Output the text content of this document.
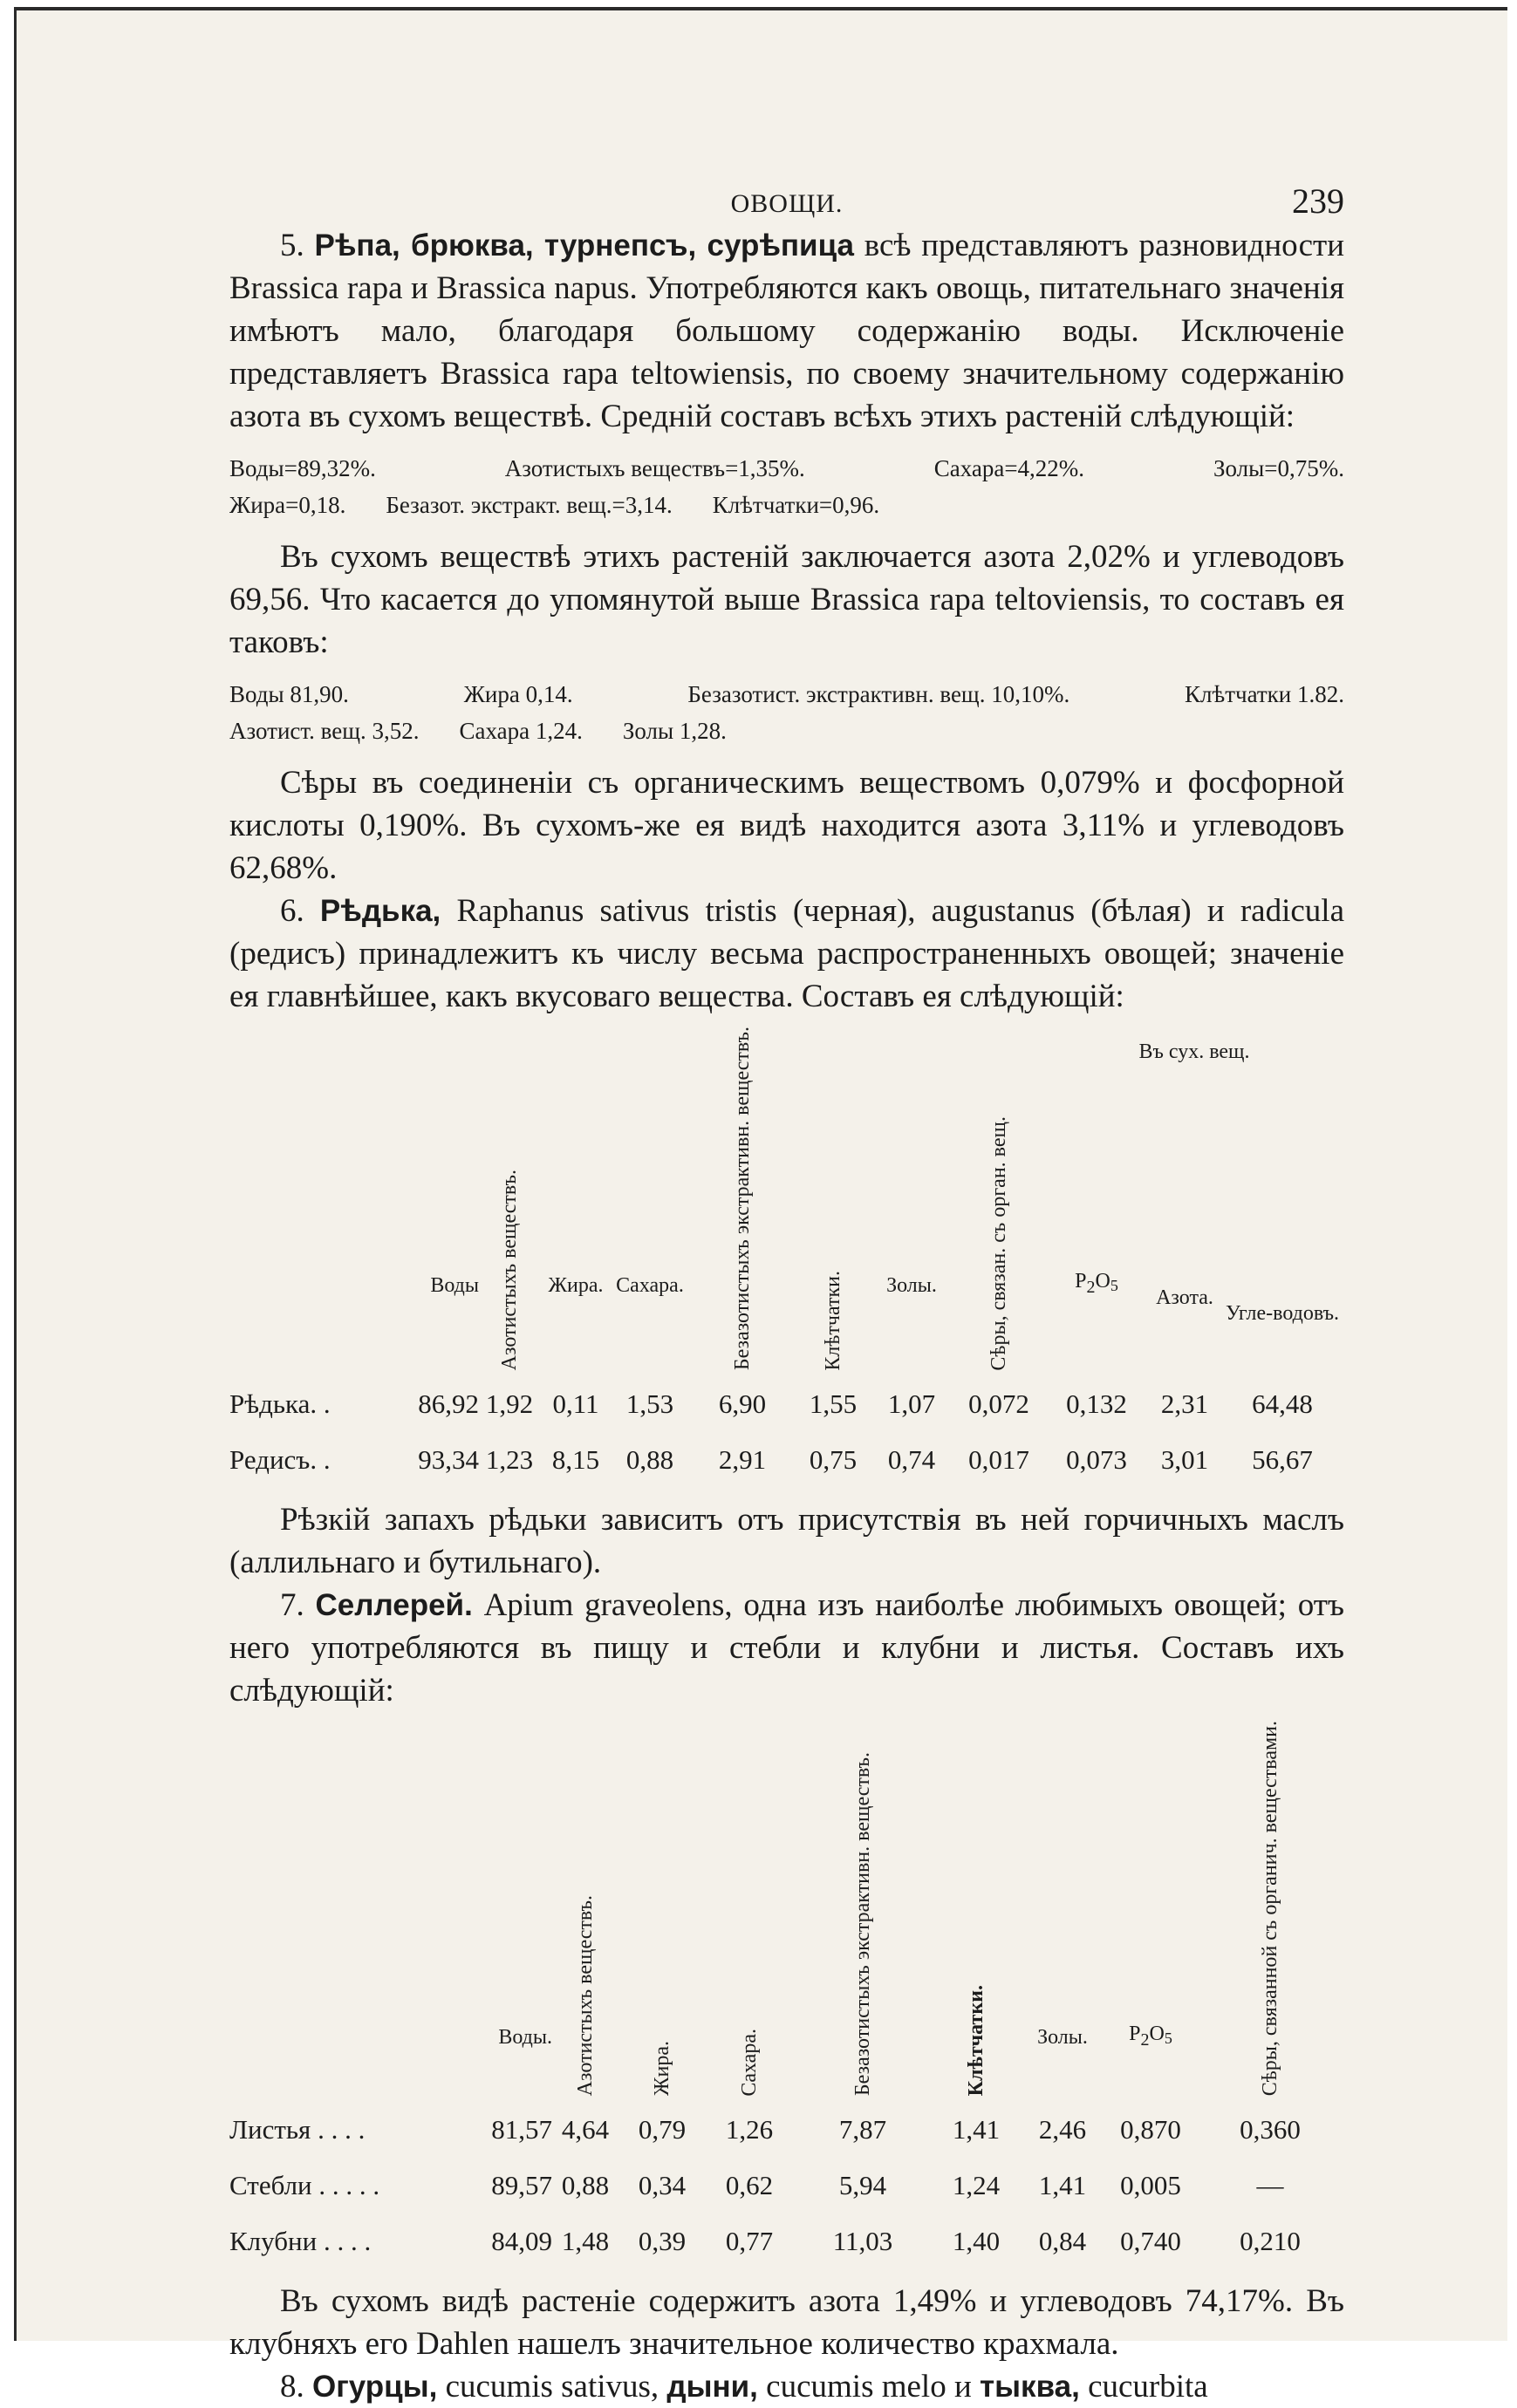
ОВОЩИ.	239

5. Рѣпа, брюква, турнепсъ, сурѣпица всѣ представляютъ разновидности Brassica rapa и Brassica napus. Употребляются какъ овощь, питательнаго значенія имѣютъ мало, благодаря большому содержанію воды. Исключеніе представляетъ Brassica rapa teltowiensis, по своему значительному содержанію азота въ сухомъ веществѣ. Средній составъ всѣхъ этихъ растеній слѣдующій:

Воды=89,32%.	Азотистыхъ веществъ=1,35%.	Сахара=4,22%.	Золы=0,75%.
Жира=0,18. Безазот. экстракт. вещ.=3,14. Клѣтчатки=0,96.

Въ сухомъ веществѣ этихъ растеній заключается азота 2,02% и углеводовъ 69,56. Что касается до упомянутой выше Brassica rapa teltoviensis, то составъ ея таковъ:

Воды 81,90.	Жира 0,14.	Безазотист. экстрактивн. вещ. 10,10%.	Клѣтчатки 1.82.
Азотист. вещ. 3,52. Сахара 1,24. Золы 1,28.

Сѣры въ соединеніи съ органическимъ веществомъ 0,079% и фосфорной кислоты 0,190%. Въ сухомъ-же ея видѣ находится азота 3,11% и углеводовъ 62,68%.

6. Рѣдька, Raphanus sativus tristis (черная), augustanus (бѣлая) и radicula (редисъ) принадлежитъ къ числу весьма распространенныхъ овощей; значеніе ея главнѣйшее, какъ вкусоваго вещества. Составъ ея слѣдующій:

	Воды	Азотистыхъ веществъ.	Жира.	Сахара.	Безазотистыхъ экстрактивн. веществъ.	Клѣтчатки.	Золы.	Сѣры, связан. съ орган. вещ.	Въ сух. вещ.		
									$P_2O_5$	Азота.	Угле-водовъ.
Рѣдька. .	86,92	1,92	0,11	1,53	6,90	1,55	1,07	0,072	0,132	2,31	64,48
Редисъ. .	93,34	1,23	8,15	0,88	2,91	0,75	0,74	0,017	0,073	3,01	56,67

Рѣзкій запахъ рѣдьки зависитъ отъ присутствія въ ней горчичныхъ маслъ (аллильнаго и бутильнаго).

7. Селлерей. Apium graveolens, одна изъ наиболѣе любимыхъ овощей; отъ него употребляются въ пищу и стебли и клубни и листья. Составъ ихъ слѣдующій:

	Воды.	Азотистыхъ веществъ.	Жира.	Сахара.	Безазотистыхъ экстрактивн. веществъ.	Клѣтчатки.	Золы.	$P_2O_5$	Сѣры, связанной съ органич. веществами.
Листья . . . .	81,57	4,64	0,79	1,26	7,87	1,41	2,46	0,870	0,360
Стебли . . . . .	89,57	0,88	0,34	0,62	5,94	1,24	1,41	0,005	—
Клубни . . . .	84,09	1,48	0,39	0,77	11,03	1,40	0,84	0,740	0,210

Въ сухомъ видѣ растеніе содержитъ азота 1,49% и углеводовъ 74,17%. Въ клубняхъ его Dahlen нашелъ значительное количество крахмала.

8. Огурцы, cucumis sativus, дыни, cucumis melo и тыква, cucurbita
